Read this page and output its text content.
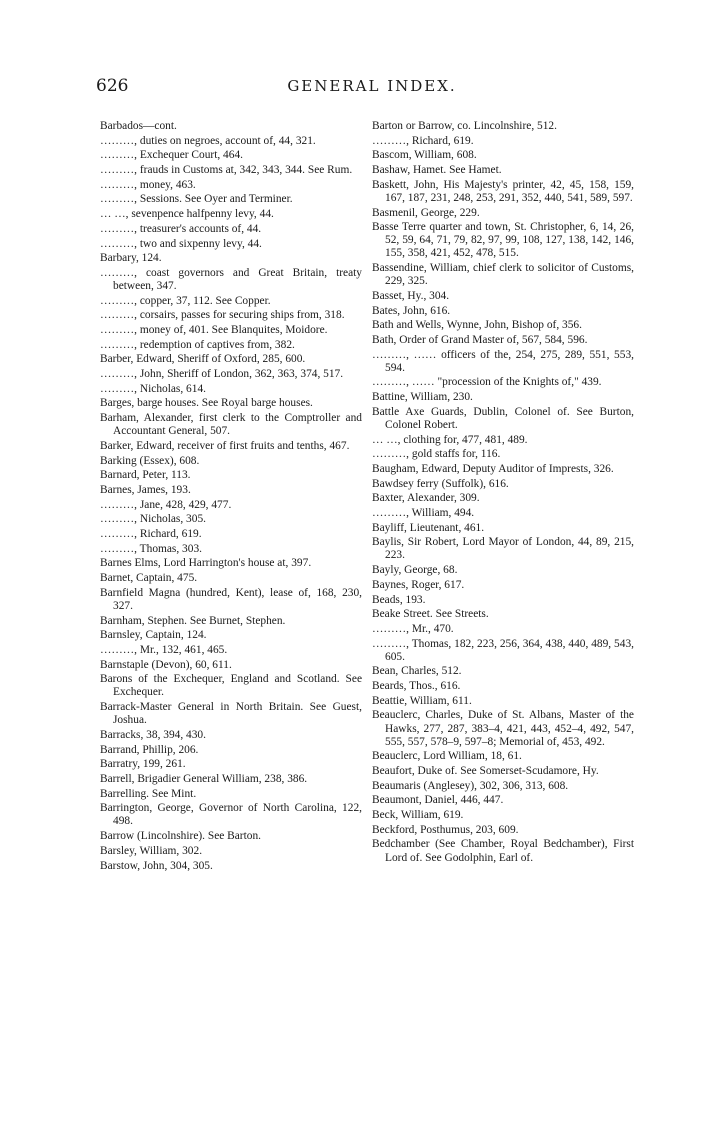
626	GENERAL INDEX.

Barbados—cont.

………, duties on negroes, account of, 44, 321.

………, Exchequer Court, 464.

………, frauds in Customs at, 342, 343, 344. See Rum.

………, money, 463.

………, Sessions. See Oyer and Terminer.

… …, sevenpence halfpenny levy, 44.

………, treasurer's accounts of, 44.

………, two and sixpenny levy, 44.

Barbary, 124.

………, coast governors and Great Britain, treaty between, 347.

………, copper, 37, 112. See Copper.

………, corsairs, passes for securing ships from, 318.

………, money of, 401. See Blanquites, Moidore.

………, redemption of captives from, 382.

Barber, Edward, Sheriff of Oxford, 285, 600.

………, John, Sheriff of London, 362, 363, 374, 517.

………, Nicholas, 614.

Barges, barge houses. See Royal barge houses.

Barham, Alexander, first clerk to the Comptroller and Accountant General, 507.

Barker, Edward, receiver of first fruits and tenths, 467.

Barking (Essex), 608.

Barnard, Peter, 113.

Barnes, James, 193.

………, Jane, 428, 429, 477.

………, Nicholas, 305.

………, Richard, 619.

………, Thomas, 303.

Barnes Elms, Lord Harrington's house at, 397.

Barnet, Captain, 475.

Barnfield Magna (hundred, Kent), lease of, 168, 230, 327.

Barnham, Stephen. See Burnet, Stephen.

Barnsley, Captain, 124.

………, Mr., 132, 461, 465.

Barnstaple (Devon), 60, 611.

Barons of the Exchequer, England and Scotland. See Exchequer.

Barrack-Master General in North Britain. See Guest, Joshua.

Barracks, 38, 394, 430.

Barrand, Phillip, 206.

Barratry, 199, 261.

Barrell, Brigadier General William, 238, 386.

Barrelling. See Mint.

Barrington, George, Governor of North Carolina, 122, 498.

Barrow (Lincolnshire). See Barton.

Barsley, William, 302.

Barstow, John, 304, 305.

Barton or Barrow, co. Lincolnshire, 512.

………, Richard, 619.

Bascom, William, 608.

Bashaw, Hamet. See Hamet.

Baskett, John, His Majesty's printer, 42, 45, 158, 159, 167, 187, 231, 248, 253, 291, 352, 440, 541, 589, 597.

Basmenil, George, 229.

Basse Terre quarter and town, St. Christopher, 6, 14, 26, 52, 59, 64, 71, 79, 82, 97, 99, 108, 127, 138, 142, 146, 155, 358, 421, 452, 478, 515.

Bassendine, William, chief clerk to solicitor of Customs, 229, 325.

Basset, Hy., 304.

Bates, John, 616.

Bath and Wells, Wynne, John, Bishop of, 356.

Bath, Order of Grand Master of, 567, 584, 596.

………, …… officers of the, 254, 275, 289, 551, 553, 594.

………, …… "procession of the Knights of," 439.

Battine, William, 230.

Battle Axe Guards, Dublin, Colonel of. See Burton, Colonel Robert.

… …, clothing for, 477, 481, 489.

………, gold staffs for, 116.

Baugham, Edward, Deputy Auditor of Imprests, 326.

Bawdsey ferry (Suffolk), 616.

Baxter, Alexander, 309.

………, William, 494.

Bayliff, Lieutenant, 461.

Baylis, Sir Robert, Lord Mayor of London, 44, 89, 215, 223.

Bayly, George, 68.

Baynes, Roger, 617.

Beads, 193.

Beake Street. See Streets.

………, Mr., 470.

………, Thomas, 182, 223, 256, 364, 438, 440, 489, 543, 605.

Bean, Charles, 512.

Beards, Thos., 616.

Beattie, William, 611.

Beauclerc, Charles, Duke of St. Albans, Master of the Hawks, 277, 287, 383–4, 421, 443, 452–4, 492, 547, 555, 557, 578–9, 597–8; Memorial of, 453, 492.

Beauclerc, Lord William, 18, 61.

Beaufort, Duke of. See Somerset-Scudamore, Hy.

Beaumaris (Anglesey), 302, 306, 313, 608.

Beaumont, Daniel, 446, 447.

Beck, William, 619.

Beckford, Posthumus, 203, 609.

Bedchamber (See Chamber, Royal Bedchamber), First Lord of. See Godolphin, Earl of.
